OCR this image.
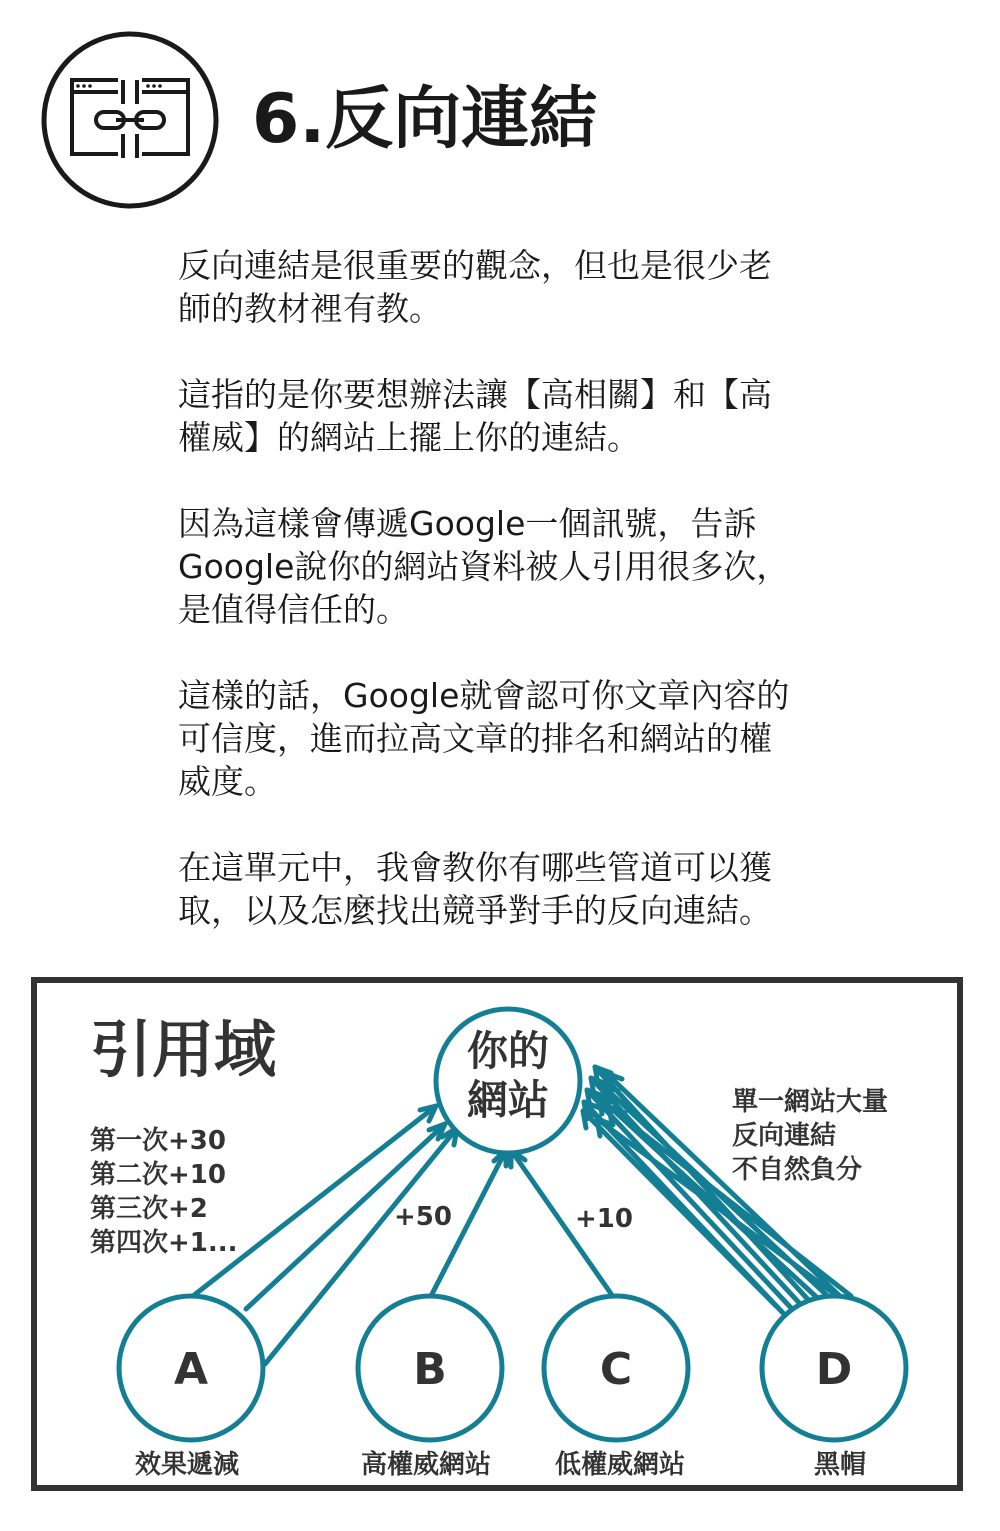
6.反向連結

反向連結是很重要的觀念，但也是很少老
師的教材裡有教。

這指的是你要想辦法讓【高相關】和【高
權威】的網站上擺上你的連結。

因為這樣會傳遞Google一個訊號，告訴
Google說你的網站資料被人引用很多次，
是值得信任的。

這樣的話，Google就會認可你文章內容的
可信度，進而拉高文章的排名和網站的權
威度。

在這單元中，我會教你有哪些管道可以獲
取，以及怎麼找出競爭對手的反向連結。

引用域
第一次+30
第二次+10
第三次+2
第四次+1...
你的
網站
+50	+10
單一網站大量
反向連結
不自然負分
A
效果遞減
B
高權威網站
C
低權威網站
D
黑帽
